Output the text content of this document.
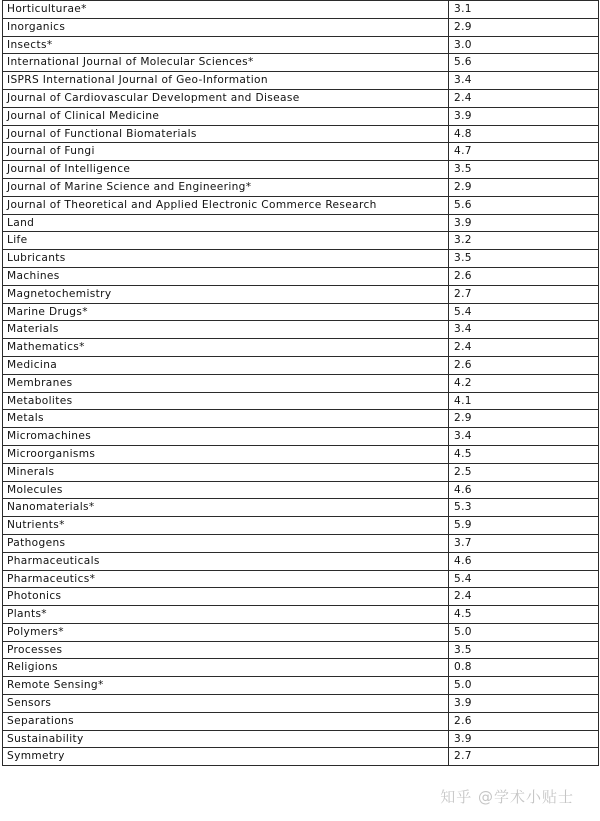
Horticulturae*	3.1
Inorganics	2.9
Insects*	3.0
International Journal of Molecular Sciences*	5.6
ISPRS International Journal of Geo-Information	3.4
Journal of Cardiovascular Development and Disease	2.4
Journal of Clinical Medicine	3.9
Journal of Functional Biomaterials	4.8
Journal of Fungi	4.7
Journal of Intelligence	3.5
Journal of Marine Science and Engineering*	2.9
Journal of Theoretical and Applied Electronic Commerce Research	5.6
Land	3.9
Life	3.2
Lubricants	3.5
Machines	2.6
Magnetochemistry	2.7
Marine Drugs*	5.4
Materials	3.4
Mathematics*	2.4
Medicina	2.6
Membranes	4.2
Metabolites	4.1
Metals	2.9
Micromachines	3.4
Microorganisms	4.5
Minerals	2.5
Molecules	4.6
Nanomaterials*	5.3
Nutrients*	5.9
Pathogens	3.7
Pharmaceuticals	4.6
Pharmaceutics*	5.4
Photonics	2.4
Plants*	4.5
Polymers*	5.0
Processes	3.5
Religions	0.8
Remote Sensing*	5.0
Sensors	3.9
Separations	2.6
Sustainability	3.9
Symmetry	2.7
知乎 @学术小贴士
